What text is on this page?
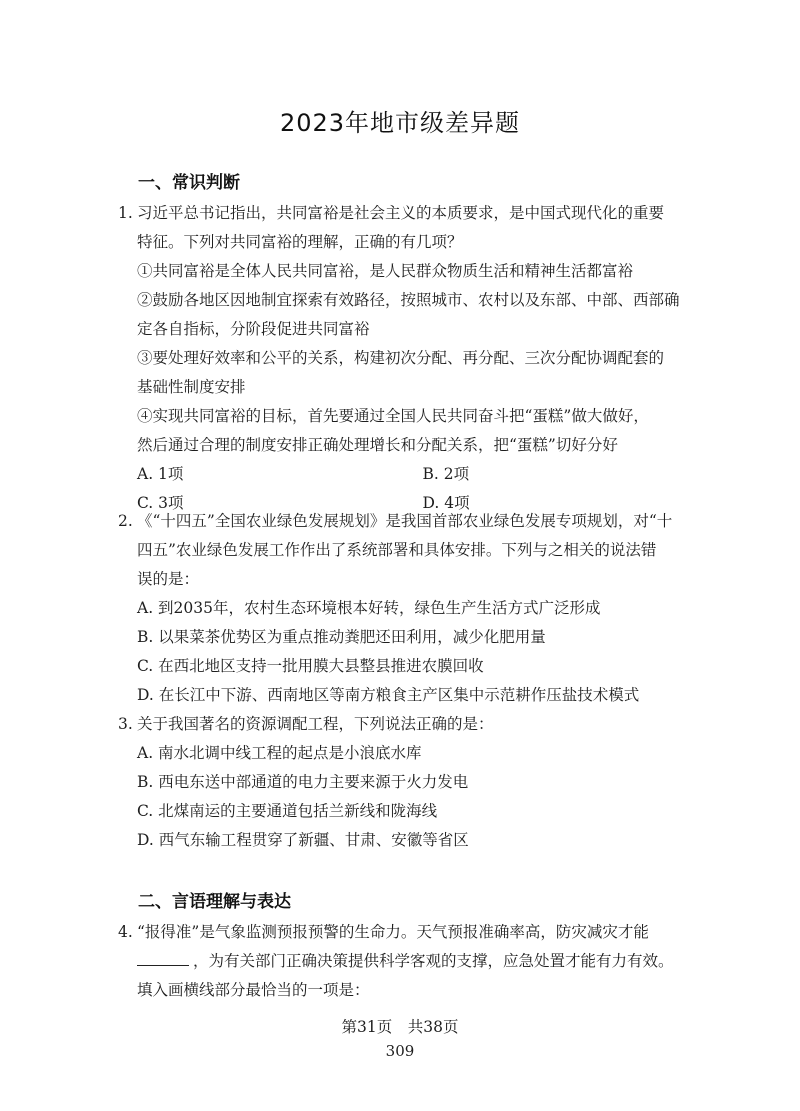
2023年地市级差异题
一、常识判断
1. 习近平总书记指出，共同富裕是社会主义的本质要求，是中国式现代化的重要
特征。下列对共同富裕的理解，正确的有几项？
①共同富裕是全体人民共同富裕，是人民群众物质生活和精神生活都富裕
②鼓励各地区因地制宜探索有效路径，按照城市、农村以及东部、中部、西部确
定各自指标，分阶段促进共同富裕
③要处理好效率和公平的关系，构建初次分配、再分配、三次分配协调配套的
基础性制度安排
④实现共同富裕的目标，首先要通过全国人民共同奋斗把“蛋糕”做大做好，
然后通过合理的制度安排正确处理增长和分配关系，把“蛋糕”切好分好
A. 1项	B. 2项
C. 3项	D. 4项
2. 《“十四五”全国农业绿色发展规划》是我国首部农业绿色发展专项规划，对“十
四五”农业绿色发展工作作出了系统部署和具体安排。下列与之相关的说法错
误的是：
A. 到2035年，农村生态环境根本好转，绿色生产生活方式广泛形成
B. 以果菜茶优势区为重点推动粪肥还田利用，减少化肥用量
C. 在西北地区支持一批用膜大县整县推进农膜回收
D. 在长江中下游、西南地区等南方粮食主产区集中示范耕作压盐技术模式
3. 关于我国著名的资源调配工程，下列说法正确的是：
A. 南水北调中线工程的起点是小浪底水库
B. 西电东送中部通道的电力主要来源于火力发电
C. 北煤南运的主要通道包括兰新线和陇海线
D. 西气东输工程贯穿了新疆、甘肃、安徽等省区
二、言语理解与表达
4. “报得准”是气象监测预报预警的生命力。天气预报准确率高，防灾减灾才能
，为有关部门正确决策提供科学客观的支撑，应急处置才能有力有效。
填入画横线部分最恰当的一项是：
第31页　共38页
309
